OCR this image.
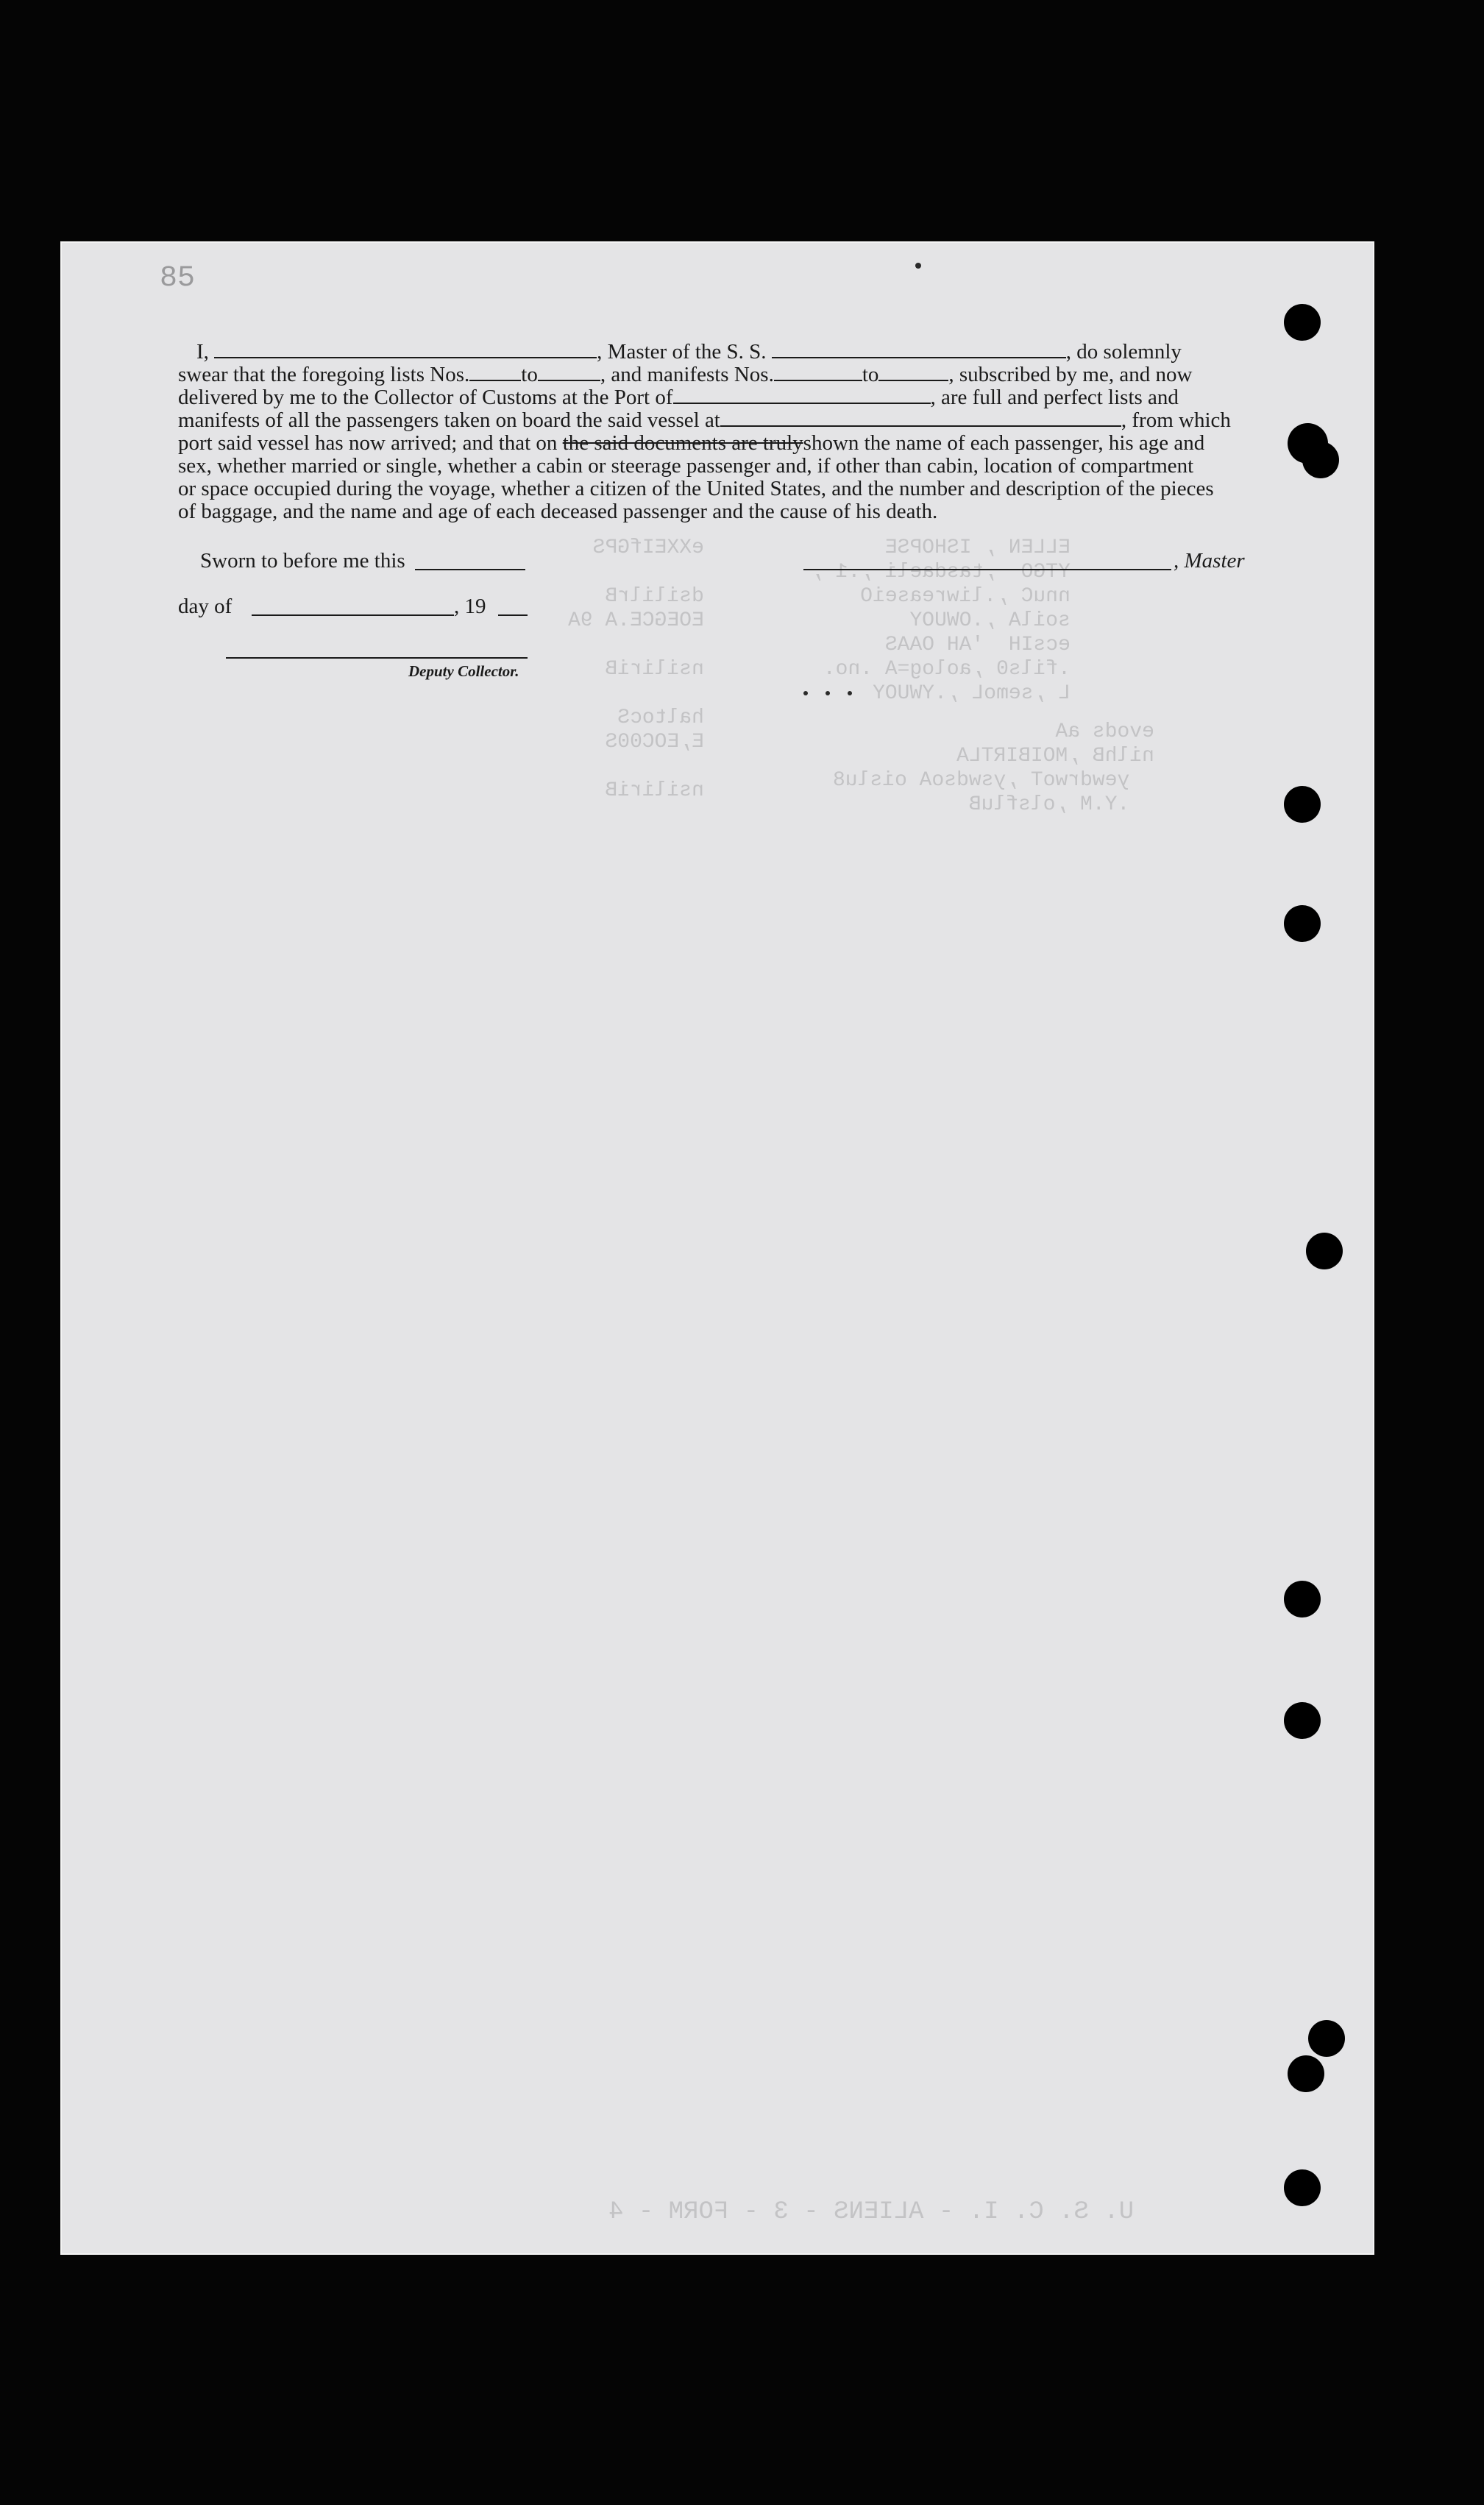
85
ELLEN , ISHOPSE
YTGO  ,tasdaeli ,.1 ,
nnuC ,.liwreaseiO
soilA ,.OWUOY
ecsIH  'AH OAAS
.fils0 ,aolog=A .no.
L ,semoL ,.YWUOY
eXXEIfGPS

dsililrB
EOEGCE.A 9A

nsiliriB

haltocS
E,EOC00S

nsiliriB
evods aA
nilhB ,MOIBIRTLA
yewdrwoT ,yswdsoA oislu8
.Y.M ,olsfluB
U. S. C. I. - ALIENS - 3 - FORM - 4
I,	, Master of the S. S.	, do solemnly
swear that the foregoing lists Nos. to	, and manifests Nos.	to	, subscribed by me, and now
delivered by me to the Collector of Customs at the Port of	, are full and perfect lists and
manifests of all the passengers taken on board the said vessel at	, from which
port said vessel has now arrived; and that on the said documents are trulyshown the name of each passenger, his age and
sex, whether married or single, whether a cabin or steerage passenger and, if other than cabin, location of compartment
or space occupied during the voyage, whether a citizen of the United States, and the number and description of the pieces
of baggage, and the name and age of each deceased passenger and the cause of his death.
Sworn to before me this	, Master
day of	, 19
Deputy Collector.
